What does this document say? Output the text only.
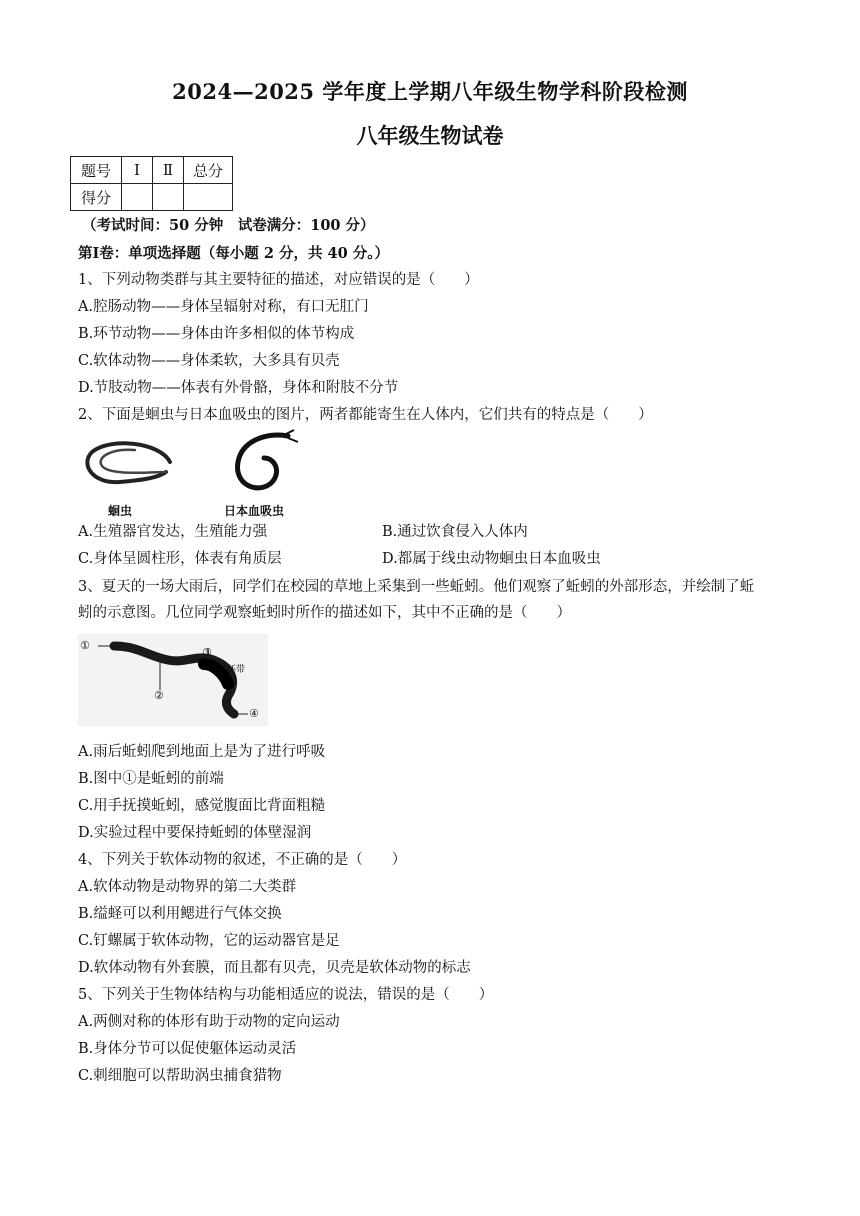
2024—2025 学年度上学期八年级生物学科阶段检测
八年级生物试卷
题号	Ⅰ	Ⅱ	总分
得分			
（考试时间：50 分钟　试卷满分：100 分）
第Ⅰ卷：单项选择题（每小题 2 分，共 40 分。）
1、下列动物类群与其主要特征的描述，对应错误的是（　　）
A.腔肠动物——身体呈辐射对称，有口无肛门
B.环节动物——身体由许多相似的体节构成
C.软体动物——身体柔软，大多具有贝壳
D.节肢动物——体表有外骨骼，身体和附肢不分节
2、下面是蛔虫与日本血吸虫的图片，两者都能寄生在人体内，它们共有的特点是（　　）
蛔虫	日本血吸虫
A.生殖器官发达，生殖能力强	B.通过饮食侵入人体内
C.身体呈圆柱形，体表有角质层	D.都属于线虫动物蛔虫日本血吸虫
3、夏天的一场大雨后，同学们在校园的草地上采集到一些蚯蚓。他们观察了蚯蚓的外部形态，并绘制了蚯
蚓的示意图。几位同学观察蚯蚓时所作的描述如下，其中不正确的是（　　）
①
②
③
环带
④
A.雨后蚯蚓爬到地面上是为了进行呼吸
B.图中①是蚯蚓的前端
C.用手抚摸蚯蚓，感觉腹面比背面粗糙
D.实验过程中要保持蚯蚓的体壁湿润
4、下列关于软体动物的叙述，不正确的是（　　）
A.软体动物是动物界的第二大类群
B.缢蛏可以利用鳃进行气体交换
C.钉螺属于软体动物，它的运动器官是足
D.软体动物有外套膜，而且都有贝壳，贝壳是软体动物的标志
5、下列关于生物体结构与功能相适应的说法，错误的是（　　）
A.两侧对称的体形有助于动物的定向运动
B.身体分节可以促使躯体运动灵活
C.刺细胞可以帮助涡虫捕食猎物
